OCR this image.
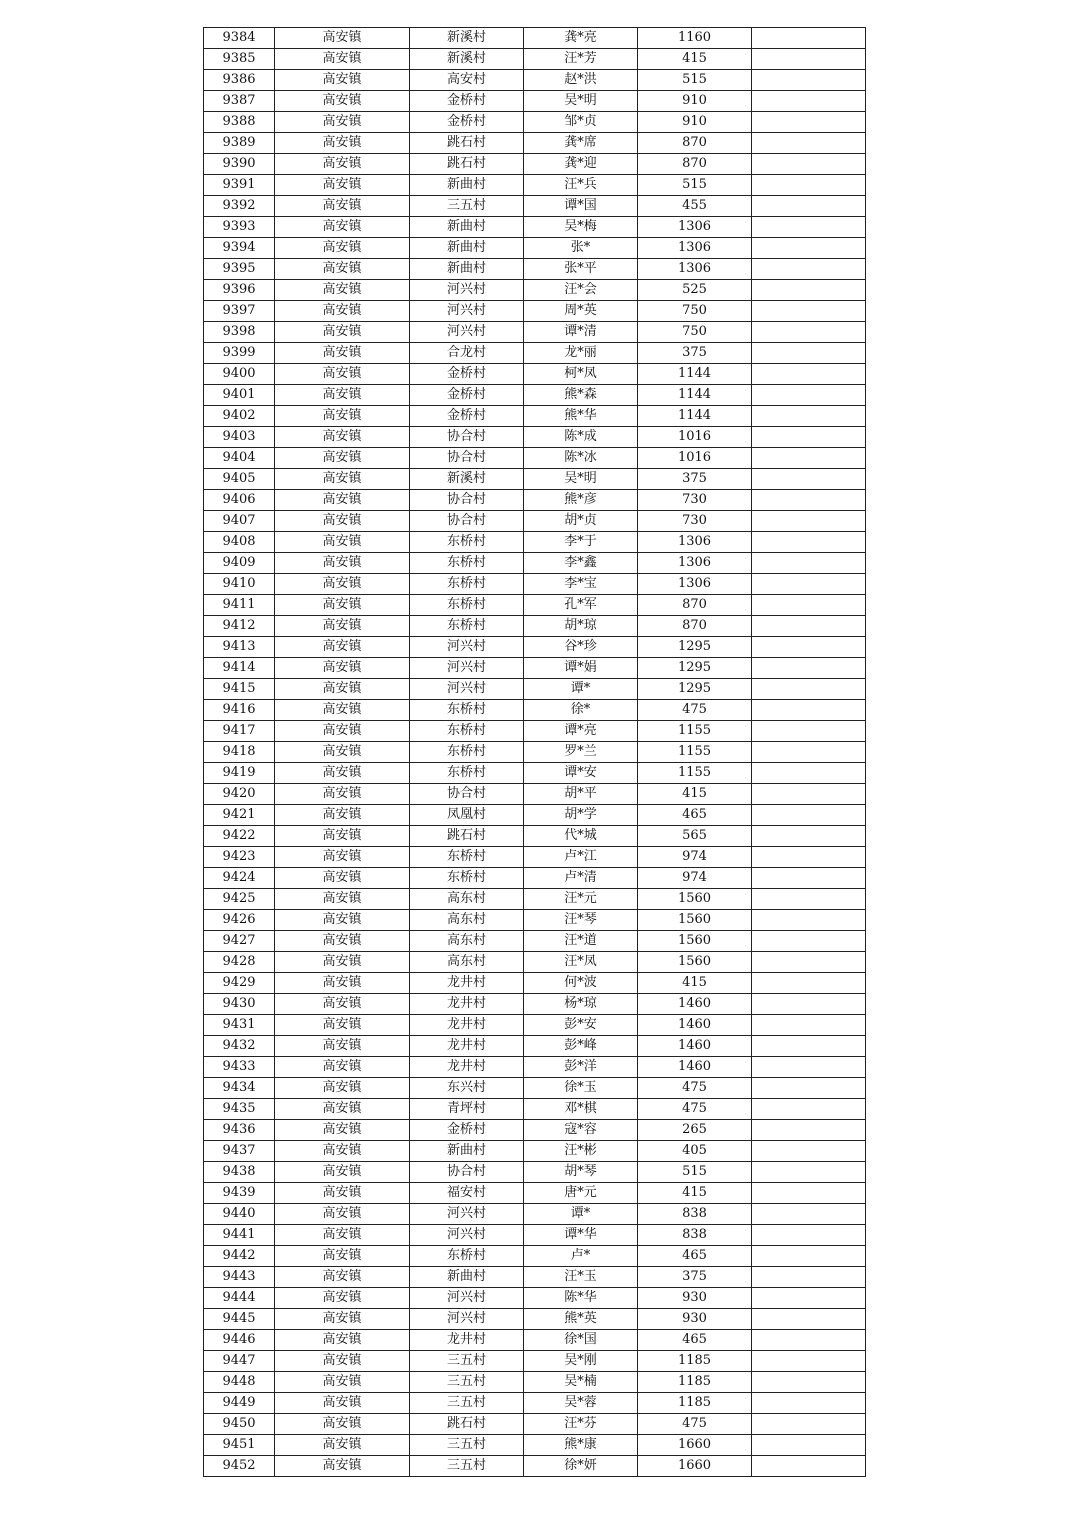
9384	高安镇	新溪村	龚*亮	1160	
9385	高安镇	新溪村	汪*芳	415	
9386	高安镇	高安村	赵*洪	515	
9387	高安镇	金桥村	吴*明	910	
9388	高安镇	金桥村	邹*贞	910	
9389	高安镇	跳石村	龚*席	870	
9390	高安镇	跳石村	龚*迎	870	
9391	高安镇	新曲村	汪*兵	515	
9392	高安镇	三五村	谭*国	455	
9393	高安镇	新曲村	吴*梅	1306	
9394	高安镇	新曲村	张*	1306	
9395	高安镇	新曲村	张*平	1306	
9396	高安镇	河兴村	汪*会	525	
9397	高安镇	河兴村	周*英	750	
9398	高安镇	河兴村	谭*清	750	
9399	高安镇	合龙村	龙*丽	375	
9400	高安镇	金桥村	柯*凤	1144	
9401	高安镇	金桥村	熊*森	1144	
9402	高安镇	金桥村	熊*华	1144	
9403	高安镇	协合村	陈*成	1016	
9404	高安镇	协合村	陈*冰	1016	
9405	高安镇	新溪村	吴*明	375	
9406	高安镇	协合村	熊*彦	730	
9407	高安镇	协合村	胡*贞	730	
9408	高安镇	东桥村	李*于	1306	
9409	高安镇	东桥村	李*鑫	1306	
9410	高安镇	东桥村	李*宝	1306	
9411	高安镇	东桥村	孔*军	870	
9412	高安镇	东桥村	胡*琼	870	
9413	高安镇	河兴村	谷*珍	1295	
9414	高安镇	河兴村	谭*娟	1295	
9415	高安镇	河兴村	谭*	1295	
9416	高安镇	东桥村	徐*	475	
9417	高安镇	东桥村	谭*亮	1155	
9418	高安镇	东桥村	罗*兰	1155	
9419	高安镇	东桥村	谭*安	1155	
9420	高安镇	协合村	胡*平	415	
9421	高安镇	凤凰村	胡*学	465	
9422	高安镇	跳石村	代*城	565	
9423	高安镇	东桥村	卢*江	974	
9424	高安镇	东桥村	卢*清	974	
9425	高安镇	高东村	汪*元	1560	
9426	高安镇	高东村	汪*琴	1560	
9427	高安镇	高东村	汪*道	1560	
9428	高安镇	高东村	汪*凤	1560	
9429	高安镇	龙井村	何*波	415	
9430	高安镇	龙井村	杨*琼	1460	
9431	高安镇	龙井村	彭*安	1460	
9432	高安镇	龙井村	彭*峰	1460	
9433	高安镇	龙井村	彭*洋	1460	
9434	高安镇	东兴村	徐*玉	475	
9435	高安镇	青坪村	邓*棋	475	
9436	高安镇	金桥村	寇*容	265	
9437	高安镇	新曲村	汪*彬	405	
9438	高安镇	协合村	胡*琴	515	
9439	高安镇	福安村	唐*元	415	
9440	高安镇	河兴村	谭*	838	
9441	高安镇	河兴村	谭*华	838	
9442	高安镇	东桥村	卢*	465	
9443	高安镇	新曲村	汪*玉	375	
9444	高安镇	河兴村	陈*华	930	
9445	高安镇	河兴村	熊*英	930	
9446	高安镇	龙井村	徐*国	465	
9447	高安镇	三五村	吴*刚	1185	
9448	高安镇	三五村	吴*楠	1185	
9449	高安镇	三五村	吴*蓉	1185	
9450	高安镇	跳石村	汪*芬	475	
9451	高安镇	三五村	熊*康	1660	
9452	高安镇	三五村	徐*妍	1660	
